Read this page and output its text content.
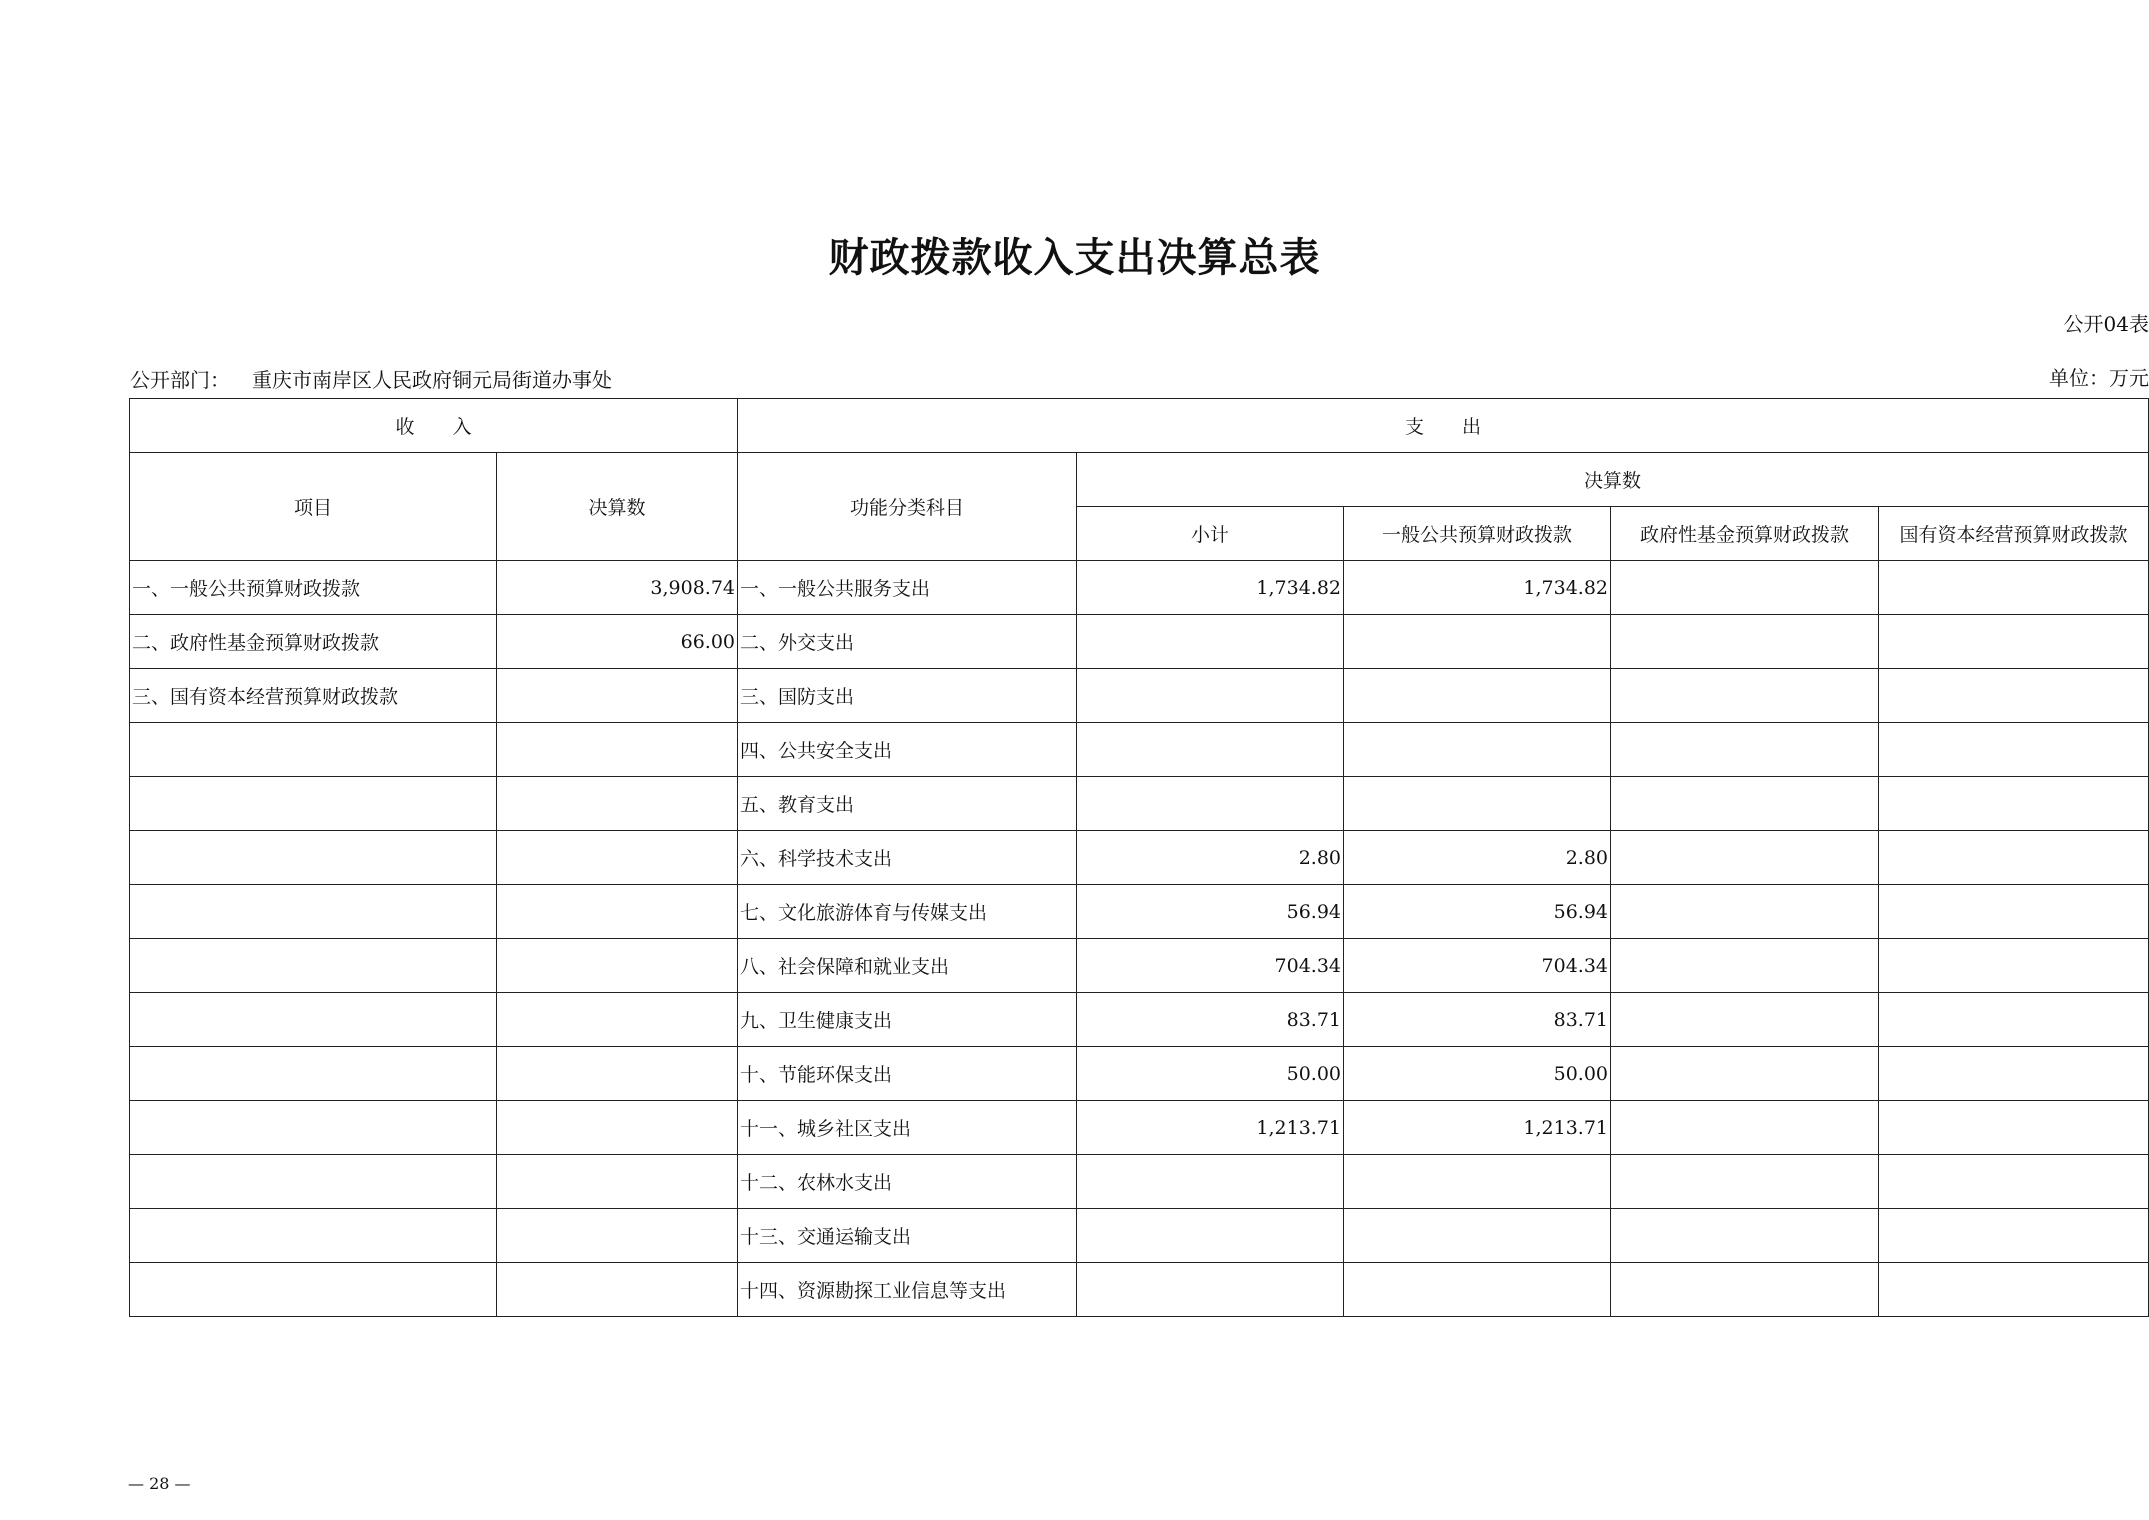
财政拨款收入支出决算总表
公开04表
公开部门： 重庆市南岸区人民政府铜元局街道办事处	单位：万元
收　　入		支　　出				
项目	决算数	功能分类科目	决算数			
			小计	一般公共预算财政拨款	政府性基金预算财政拨款	国有资本经营预算财政拨款
一、一般公共预算财政拨款	3,908.74	一、一般公共服务支出	1,734.82	1,734.82		
二、政府性基金预算财政拨款	66.00	二、外交支出				
三、国有资本经营预算财政拨款		三、国防支出				
		四、公共安全支出				
		五、教育支出				
		六、科学技术支出	2.80	2.80		
		七、文化旅游体育与传媒支出	56.94	56.94		
		八、社会保障和就业支出	704.34	704.34		
		九、卫生健康支出	83.71	83.71		
		十、节能环保支出	50.00	50.00		
		十一、城乡社区支出	1,213.71	1,213.71		
		十二、农林水支出				
		十三、交通运输支出				
		十四、资源勘探工业信息等支出				
— 28 —
